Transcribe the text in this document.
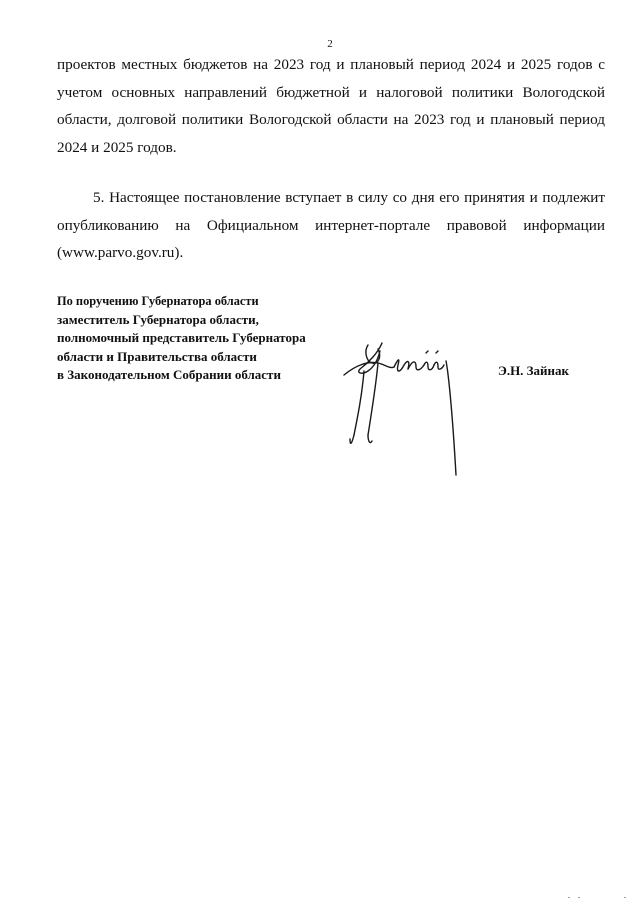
2

проектов местных бюджетов на 2023 год и плановый период 2024 и 2025 годов с учетом основных направлений бюджетной и налоговой политики Вологодской области, долговой политики Вологодской области на 2023 год и плановый период 2024 и 2025 годов.

5. Настоящее постановление вступает в силу со дня его принятия и подлежит опубликованию на Официальном интернет-портале правовой информации (www.parvo.gov.ru).

По поручению Губернатора области
заместитель Губернатора области,
полномочный представитель Губернатора
области и Правительства области
в Законодательном Собрании области	Э.Н. Зайнак
